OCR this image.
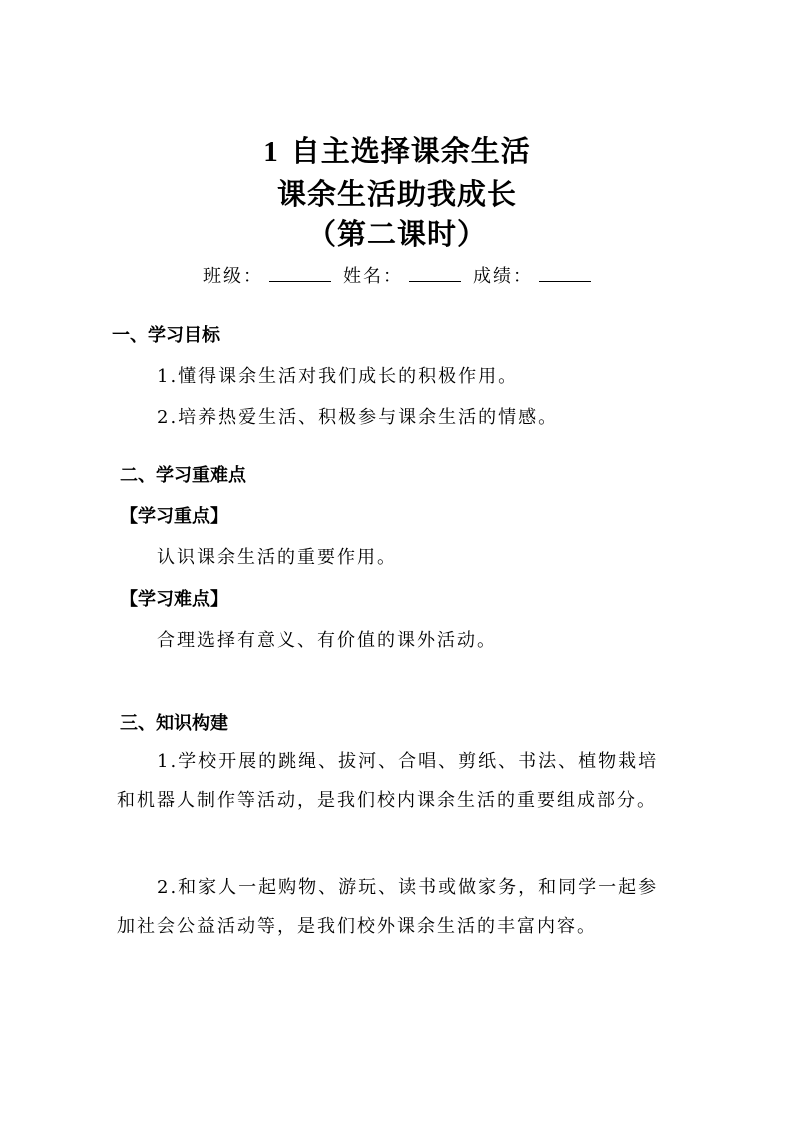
1 自主选择课余生活
课余生活助我成长
（第二课时）
班级：	姓名：	成绩：
一、学习目标
1.懂得课余生活对我们成长的积极作用。
2.培养热爱生活、积极参与课余生活的情感。
二、学习重难点
【学习重点】
认识课余生活的重要作用。
【学习难点】
合理选择有意义、有价值的课外活动。
三、知识构建
1.学校开展的跳绳、拔河、合唱、剪纸、书法、植物栽培和机器人制作等活动，是我们校内课余生活的重要组成部分。
2.和家人一起购物、游玩、读书或做家务，和同学一起参加社会公益活动等，是我们校外课余生活的丰富内容。
